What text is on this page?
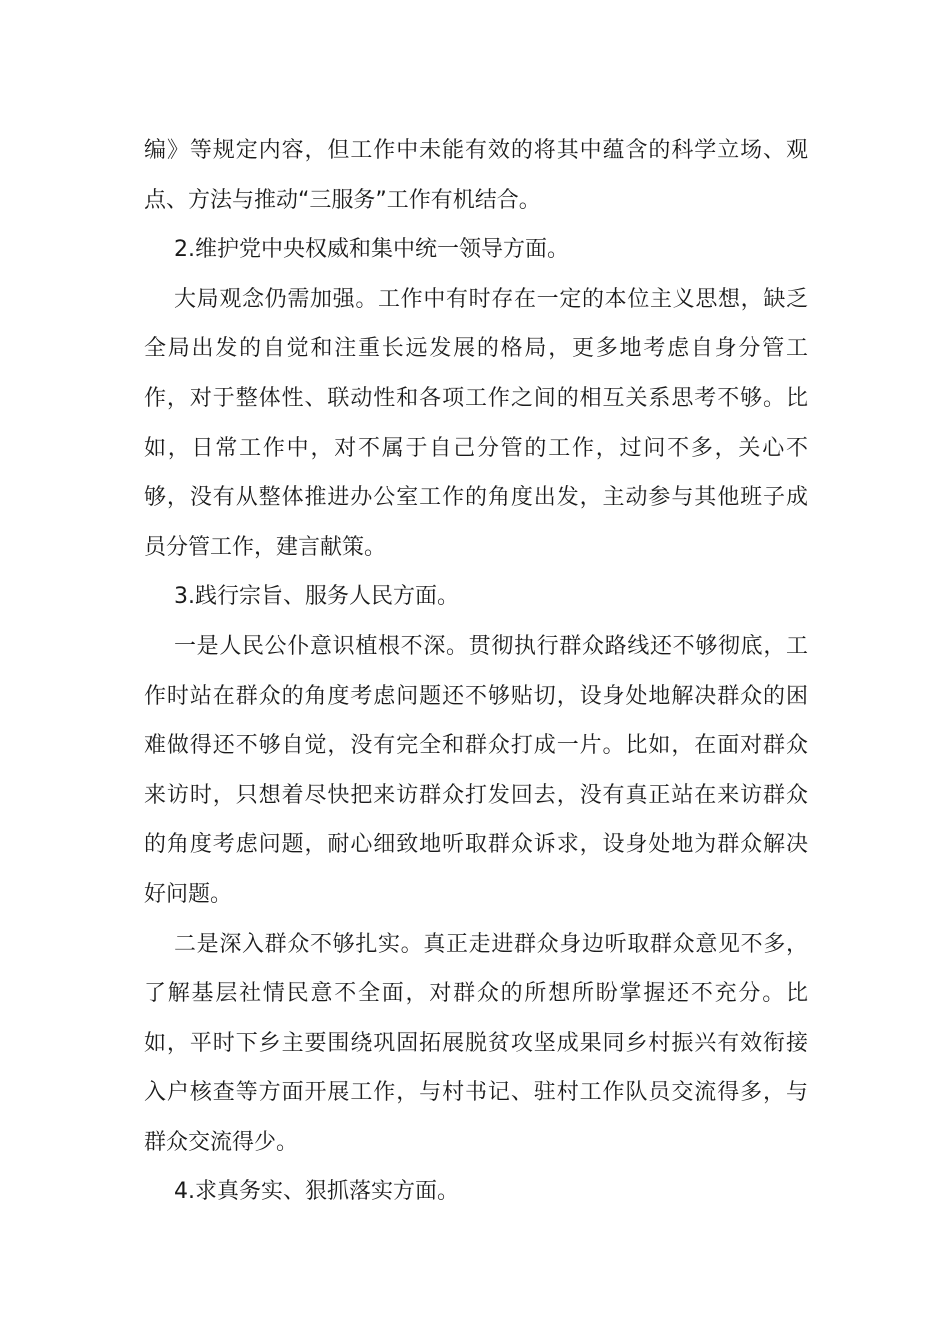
编》等规定内容，但工作中未能有效的将其中蕴含的科学立场、观
点、方法与推动“三服务”工作有机结合。
2.维护党中央权威和集中统一领导方面。
大局观念仍需加强。工作中有时存在一定的本位主义思想，缺乏
全局出发的自觉和注重长远发展的格局，更多地考虑自身分管工
作，对于整体性、联动性和各项工作之间的相互关系思考不够。比
如，日常工作中，对不属于自己分管的工作，过问不多，关心不
够，没有从整体推进办公室工作的角度出发，主动参与其他班子成
员分管工作，建言献策。
3.践行宗旨、服务人民方面。
一是人民公仆意识植根不深。贯彻执行群众路线还不够彻底，工
作时站在群众的角度考虑问题还不够贴切，设身处地解决群众的困
难做得还不够自觉，没有完全和群众打成一片。比如，在面对群众
来访时，只想着尽快把来访群众打发回去，没有真正站在来访群众
的角度考虑问题，耐心细致地听取群众诉求，设身处地为群众解决
好问题。
二是深入群众不够扎实。真正走进群众身边听取群众意见不多，
了解基层社情民意不全面，对群众的所想所盼掌握还不充分。比
如，平时下乡主要围绕巩固拓展脱贫攻坚成果同乡村振兴有效衔接
入户核查等方面开展工作，与村书记、驻村工作队员交流得多，与
群众交流得少。
4.求真务实、狠抓落实方面。
